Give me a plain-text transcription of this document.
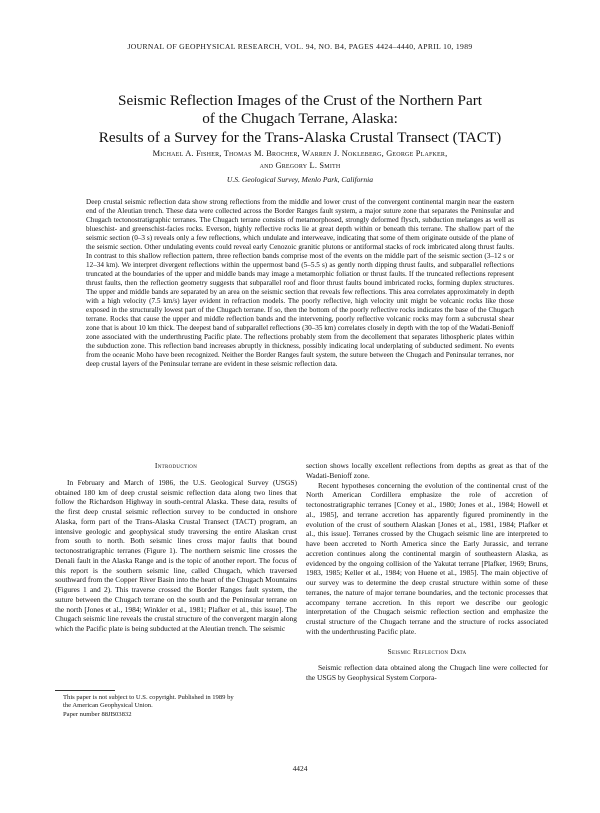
JOURNAL OF GEOPHYSICAL RESEARCH, VOL. 94, NO. B4, PAGES 4424–4440, APRIL 10, 1989
Seismic Reflection Images of the Crust of the Northern Part
of the Chugach Terrane, Alaska:
Results of a Survey for the Trans-Alaska Crustal Transect (TACT)
Michael A. Fisher, Thomas M. Brocher, Warren J. Nokleberg, George Plafker,
and Gregory L. Smith
U.S. Geological Survey, Menlo Park, California
Deep crustal seismic reflection data show strong reflections from the middle and lower crust of the convergent continental margin near the eastern end of the Aleutian trench. These data were collected across the Border Ranges fault system, a major suture zone that separates the Peninsular and Chugach tectonostratigraphic terranes. The Chugach terrane consists of metamorphosed, strongly deformed flysch, subduction melanges as well as blueschist- and greenschist-facies rocks. Everson, highly reflective rocks lie at great depth within or beneath this terrane. The shallow part of the seismic section (0–3 s) reveals only a few reflections, which undulate and interweave, indicating that some of them originate outside of the plane of the seismic section. Other undulating events could reveal early Cenozoic granitic plutons or antiformal stacks of rock imbricated along thrust faults. In contrast to this shallow reflection pattern, three reflection bands comprise most of the events on the middle part of the seismic section (3–12 s or 12–34 km). We interpret divergent reflections within the uppermost band (5–5.5 s) as gently north dipping thrust faults, and subparallel reflections truncated at the boundaries of the upper and middle bands may image a metamorphic foliation or thrust faults. If the truncated reflections represent thrust faults, then the reflection geometry suggests that subparallel roof and floor thrust faults bound imbricated rocks, forming duplex structures. The upper and middle bands are separated by an area on the seismic section that reveals few reflections. This area correlates approximately in depth with a high velocity (7.5 km/s) layer evident in refraction models. The poorly reflective, high velocity unit might be volcanic rocks like those exposed in the structurally lowest part of the Chugach terrane. If so, then the bottom of the poorly reflective rocks indicates the base of the Chugach terrane. Rocks that cause the upper and middle reflection bands and the intervening, poorly reflective volcanic rocks may form a subcrustal shear zone that is about 10 km thick. The deepest band of subparallel reflections (30–35 km) correlates closely in depth with the top of the Wadati-Benioff zone associated with the underthrusting Pacific plate. The reflections probably stem from the decollement that separates lithospheric plates within the subduction zone. This reflection band increases abruptly in thickness, possibly indicating local underplating of subducted sediment. No events from the oceanic Moho have been recognized. Neither the Border Ranges fault system, the suture between the Chugach and Peninsular terranes, nor deep crustal layers of the Peninsular terrane are evident in these seismic reflection data.
Introduction

In February and March of 1986, the U.S. Geological Survey (USGS) obtained 180 km of deep crustal seismic reflection data along two lines that follow the Richardson Highway in south-central Alaska. These data, results of the first deep crustal seismic reflection survey to be conducted in onshore Alaska, form part of the Trans-Alaska Crustal Transect (TACT) program, an intensive geologic and geophysical study traversing the entire Alaskan crust from south to north. Both seismic lines cross major faults that bound tectonostratigraphic terranes (Figure 1). The northern seismic line crosses the Denali fault in the Alaska Range and is the topic of another report. The focus of this report is the southern seismic line, called Chugach, which traversed southward from the Copper River Basin into the heart of the Chugach Mountains (Figures 1 and 2). This traverse crossed the Border Ranges fault system, the suture between the Chugach terrane on the south and the Peninsular terrane on the north [Jones et al., 1984; Winkler et al., 1981; Plafker et al., this issue]. The Chugach seismic line reveals the crustal structure of the convergent margin along which the Pacific plate is being subducted at the Aleutian trench. The seismic

section shows locally excellent reflections from depths as great as that of the Wadati-Benioff zone.

Recent hypotheses concerning the evolution of the continental crust of the North American Cordillera emphasize the role of accretion of tectonostratigraphic terranes [Coney et al., 1980; Jones et al., 1984; Howell et al., 1985], and terrane accretion has apparently figured prominently in the evolution of the crust of southern Alaskan [Jones et al., 1981, 1984; Plafker et al., this issue]. Terranes crossed by the Chugach seismic line are interpreted to have been accreted to North America since the Early Jurassic, and terrane accretion continues along the continental margin of southeastern Alaska, as evidenced by the ongoing collision of the Yakutat terrane [Plafker, 1969; Bruns, 1983, 1985; Keller et al., 1984; von Huene et al., 1985]. The main objective of our survey was to determine the deep crustal structure within some of these terranes, the nature of major terrane boundaries, and the tectonic processes that accompany terrane accretion. In this report we describe our geologic interpretation of the Chugach seismic reflection section and emphasize the crustal structure of the Chugach terrane and the structure of rocks associated with the underthrusting Pacific plate.

Seismic Reflection Data

Seismic reflection data obtained along the Chugach line were collected for the USGS by Geophysical System Corpora-

This paper is not subject to U.S. copyright. Published in 1989 by
the American Geophysical Union.
Paper number 88JB03832
4424
